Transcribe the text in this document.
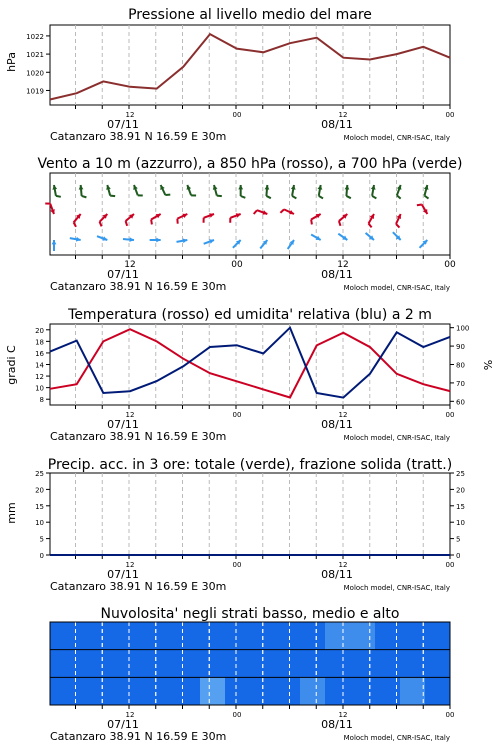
Pressione al livello medio del mare
Vento a 10 m (azzurro), a 850 hPa (rosso), a 700 hPa (verde)
Temperatura (rosso) ed umidita' relativa (blu) a 2 m
Precip. acc. in 3 ore: totale (verde), frazione solida (tratt.)
Nuvolosita' negli strati basso, medio e alto
hPa
gradi C	%
mm
12	00	12	00
07/11	08/11
Catanzaro 38.91 N 16.59 E 30m	Moloch model, CNR-ISAC, Italy
12	00	12	00
07/11	08/11
Catanzaro 38.91 N 16.59 E 30m	Moloch model, CNR-ISAC, Italy
12	00	12	00
07/11	08/11
Catanzaro 38.91 N 16.59 E 30m	Moloch model, CNR-ISAC, Italy
12	00	12	00
07/11	08/11
Catanzaro 38.91 N 16.59 E 30m	Moloch model, CNR-ISAC, Italy
12	00	12	00
07/11	08/11
Catanzaro 38.91 N 16.59 E 30m	Moloch model, CNR-ISAC, Italy
1019
1020
1021
1022
8
10
12
14
16
18
20
60
70
80
90
100
0	0
5	5
10	10
15	15
20	20
25	25
